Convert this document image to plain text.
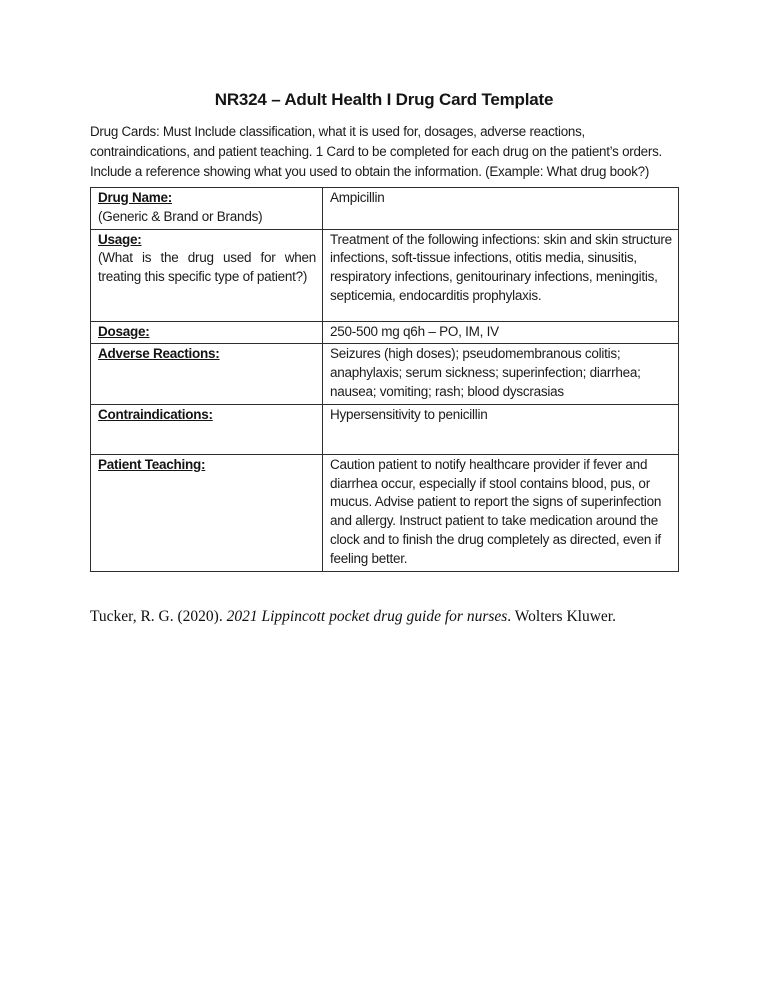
NR324 – Adult Health I Drug Card Template

Drug Cards: Must Include classification, what it is used for, dosages, adverse reactions, contraindications, and patient teaching. 1 Card to be completed for each drug on the patient’s orders. Include a reference showing what you used to obtain the information. (Example: What drug book?)

Drug Name:
(Generic & Brand or Brands)	Ampicillin

Usage:
(What is the drug used for when treating this specific type of patient?)	Treatment of the following infections: skin and skin structure infections, soft-tissue infections, otitis media, sinusitis, respiratory infections, genitourinary infections, meningitis, septicemia, endocarditis prophylaxis.

Dosage:	250-500 mg q6h – PO, IM, IV

Adverse Reactions:	Seizures (high doses); pseudomembranous colitis; anaphylaxis; serum sickness; superinfection; diarrhea; nausea; vomiting; rash; blood dyscrasias

Contraindications:	Hypersensitivity to penicillin

Patient Teaching:	Caution patient to notify healthcare provider if fever and diarrhea occur, especially if stool contains blood, pus, or mucus. Advise patient to report the signs of superinfection and allergy. Instruct patient to take medication around the clock and to finish the drug completely as directed, even if feeling better.

Tucker, R. G. (2020). 2021 Lippincott pocket drug guide for nurses. Wolters Kluwer.
